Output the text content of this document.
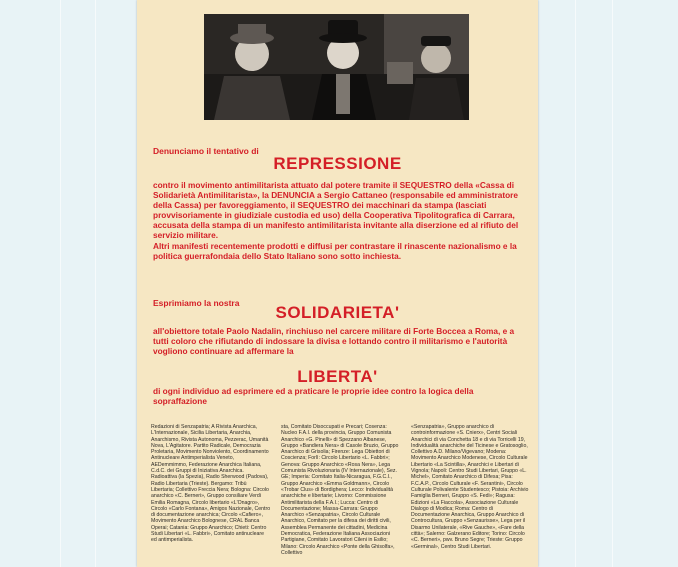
Denunciamo il tentativo di
REPRESSIONE
contro il movimento antimilitarista attuato dal potere tramite il SEQUESTRO della «Cassa di Solidarietà Antimilitarista», la DENUNCIA a Sergio Cattaneo (responsabile ed amministratore della Cassa) per favoreggiamento, il SEQUESTRO dei macchinari da stampa (lasciati provvisoriamente in giudiziale custodia ed uso) della Cooperativa Tipolitografica di Carrara, accusata della stampa di un manifesto antimilitarista invitante alla diserzione ed al rifiuto del servizio militare.
Altri manifesti recentemente prodotti e diffusi per contrastare il rinascente nazionalismo e la politica guerrafondaia dello Stato Italiano sono sotto inchiesta.
Esprimiamo la nostra	SOLIDARIETA'
all'obiettore totale Paolo Nadalin, rinchiuso nel carcere militare di Forte Boccea a Roma, e a tutti coloro che rifiutando di indossare la divisa e lottando contro il militarismo e l'autorità vogliono continuare ad affermare la
LIBERTA'
di ogni individuo ad esprimere ed a praticare le proprie idee contro la logica della sopraffazione
Redazioni di Senzapatria; A Rivista Anarchica, L'Internazionale, Sicilia Libertaria, Anarchia, Anarchismo, Rivista Autonoma, Pezzerac, Umanità Nova, L'Agitatore. Partito Radicale, Democrazia Proletaria, Movimento Nonviolento, Coordinamento Antinucleare Antimperialista Veneto, AEDemmimmo, Federazione Anarchica Italiana, C.d.C. dei Gruppi di Iniziativa Anarchica. Radioattiva (la Spezia), Radio Sherwood (Padova), Radio Libertaria (Trieste). Bergamo: Tribù Libertaria; Collettivo Freccia Nera; Bologna: Circolo anarchico «C. Berneri», Gruppo consiliare Verdi Emilia Romagna, Circolo libertario «L'Onagro», Circolo «Carlo Fontana», Amigos Nazionale, Centro di documentazione anarchica; Circolo «Cafiero», Movimento Anarchico Bolognese, CRAL Banca Operai; Catania: Gruppo Anarchico; Chieti: Centro Studi Libertari «L. Fabbri», Comitato antinucleare ed antimperialista.
sta, Comitato Disoccupati e Precari; Cosenza: Nucleo F.A.I. della provincia, Gruppo Comunista Anarchico «G. Pinelli» di Spezzano Albanese, Gruppo «Bandiera Nera» di Casole Bruzio, Gruppo Anarchico di Grisolia; Firenze: Lega Obiettori di Coscienza; Forlì: Circolo Libertario «L. Fabbri»; Genova: Gruppo Anarchico «Rosa Nera», Lega Comunista Rivoluzionaria (IV Internazionale), Sez. GE; Imperia: Comitato Italia-Nicaragua, F.G.C.I., Gruppo Anarchico «Emma Goldmann», Circolo «Trobar Clus» di Bordighera; Lecco: Individualità anarchiche e libertarie; Livorno: Commissione Antimilitarista della F.A.I.; Lucca: Centro di Documentazione; Massa-Carrara: Gruppo Anarchico «Senzapatria», Circolo Culturale Anarchico, Comitato per la difesa dei diritti civili, Assemblea Permanente dei cittadini, Medicina Democratica, Federazione Italiana Associazioni Partigiane, Comitato Lavoratori Cileni in Esilio; Milano: Circolo Anarchico «Ponte della Ghisolfa», Collettivo
«Senzapatria», Gruppo anarchico di controinformazione «S. Cnierx», Centri Sociali Anarchici di via Conchetta 18 e di via Torricelli 19, Individualità anarchiche del Ticinese e Gratosoglio, Collettivo A.D. Milano/Vigevano; Modena: Movimento Anarchico Modenese, Circolo Culturale Libertario «La Scintilla», Anarchici e Libertari di Vignola; Napoli: Centro Studi Libertari, Gruppo «L. Michel», Comitato Anarchico di Difesa; Pisa: F.C.A.P., Circolo Culturale «F. Serantini», Circolo Culturale Polivalente Studentesco; Pistoia: Archivio Famiglia Berneri, Gruppo «S. Fedi»; Ragusa: Edizioni «La Fiaccola», Associazione Culturale Dialogo di Modica; Roma: Centro di Documentazione Anarchica, Gruppo Anarchico di Controcultura, Gruppo «Senzaurisse», Lega per il Disarmo Unilaterale, «Rive Gauche», «Fare della città»; Salerno: Galzerano Editore; Torino: Circolo «C. Berneri», pwv. Bruno Segre; Trieste: Gruppo «Germinal», Centro Studi Libertari.
